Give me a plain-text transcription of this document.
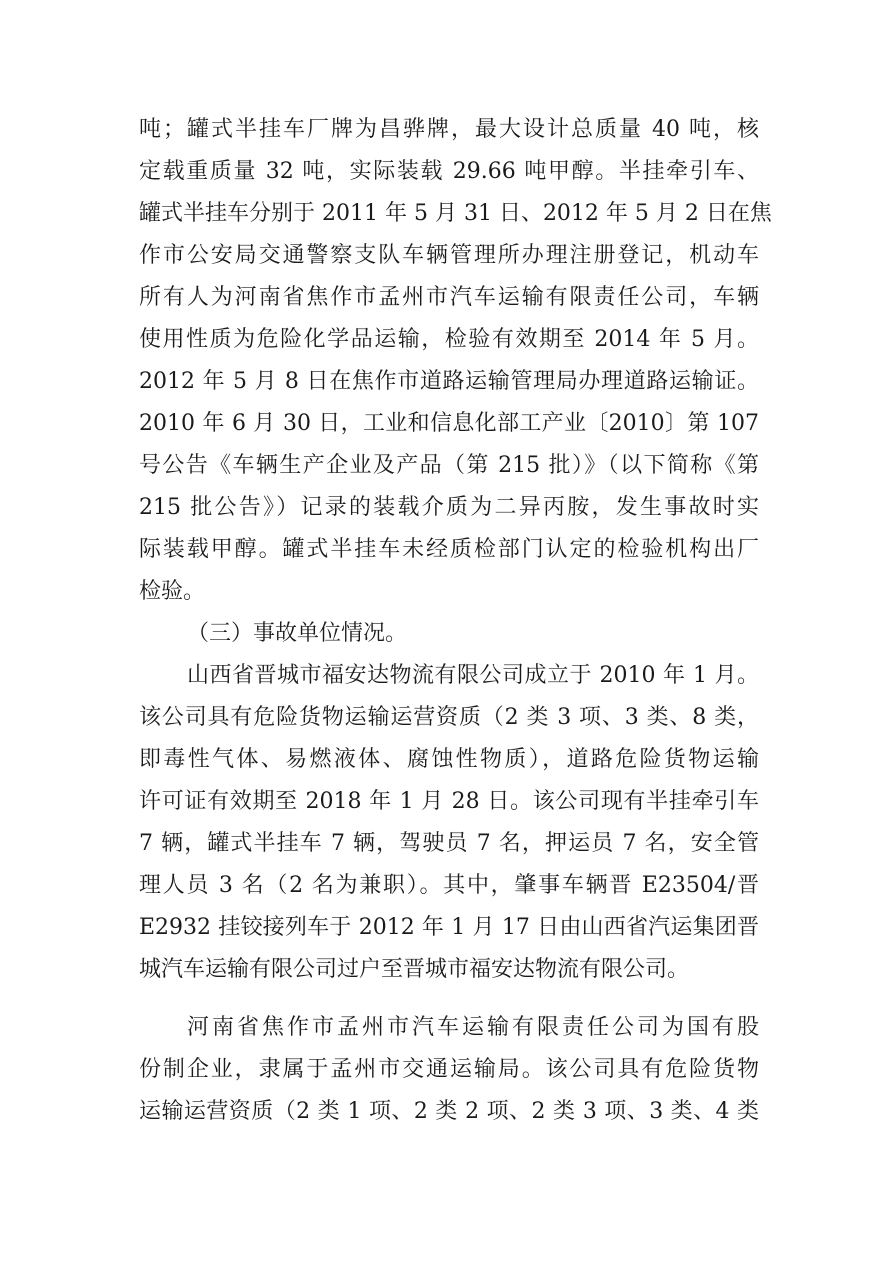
吨；罐式半挂车厂牌为昌骅牌，最大设计总质量 40 吨，核
定载重质量 32 吨，实际装载 29.66 吨甲醇。半挂牵引车、
罐式半挂车分别于 2011 年 5 月 31 日、2012 年 5 月 2 日在焦
作市公安局交通警察支队车辆管理所办理注册登记，机动车
所有人为河南省焦作市孟州市汽车运输有限责任公司，车辆
使用性质为危险化学品运输，检验有效期至 2014 年 5 月。
2012 年 5 月 8 日在焦作市道路运输管理局办理道路运输证。
2010 年 6 月 30 日，工业和信息化部工产业〔2010〕第 107
号公告《车辆生产企业及产品（第 215 批）》（以下简称《第
215 批公告》）记录的装载介质为二异丙胺，发生事故时实
际装载甲醇。罐式半挂车未经质检部门认定的检验机构出厂
检验。
（三）事故单位情况。
山西省晋城市福安达物流有限公司成立于 2010 年 1 月。
该公司具有危险货物运输运营资质（2 类 3 项、3 类、8 类，
即毒性气体、易燃液体、腐蚀性物质），道路危险货物运输
许可证有效期至 2018 年 1 月 28 日。该公司现有半挂牵引车
7 辆，罐式半挂车 7 辆，驾驶员 7 名，押运员 7 名，安全管
理人员 3 名（2 名为兼职）。其中，肇事车辆晋 E23504/晋
E2932 挂铰接列车于 2012 年 1 月 17 日由山西省汽运集团晋
城汽车运输有限公司过户至晋城市福安达物流有限公司。
河南省焦作市孟州市汽车运输有限责任公司为国有股
份制企业，隶属于孟州市交通运输局。该公司具有危险货物
运输运营资质（2 类 1 项、2 类 2 项、2 类 3 项、3 类、4 类
